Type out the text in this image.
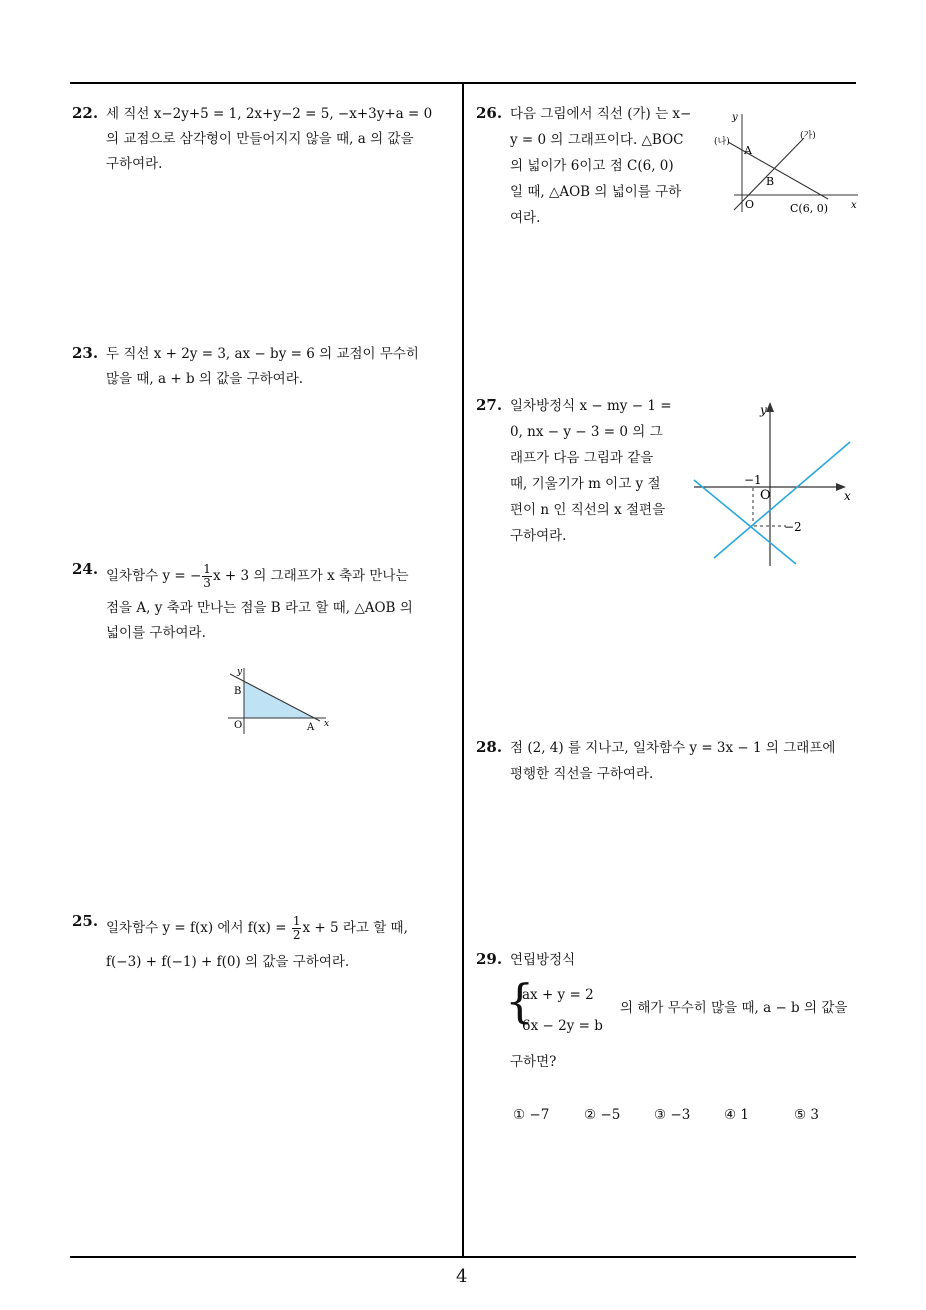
4
22. 세 직선 x−2y+5 = 1, 2x+y−2 = 5, −x+3y+a = 0
의 교점으로 삼각형이 만들어지지 않을 때, a 의 값을
구하여라.
23. 두 직선 x + 2y = 3, ax − by = 6 의 교점이 무수히
많을 때, a + b 의 값을 구하여라.
24. 일차함수 y = − $\frac{1}{3}$ x + 3 의 그래프가 x 축과 만나는
점을 A, y 축과 만나는 점을 B 라고 할 때, △AOB 의
넓이를 구하여라.
y
x
B
O	A
25. 일차함수 y = f(x) 에서 $f(x) = \frac{1}{2}$ x + 5 라고 할 때,
f(−3) + f(−1) + f(0) 의 값을 구하여라.
26. 다음 그림에서 직선 (가) 는 x−
y = 0 의 그래프이다. △BOC
의 넓이가 6이고 점 C(6, 0)
일 때, △AOB 의 넓이를 구하
여라.
y
x
(나)
(가)
A
B
O	C(6, 0)
27. 일차방정식 x − my − 1 =
0, nx − y − 3 = 0 의 그
래프가 다음 그림과 같을
때, 기울기가 m 이고 y 절
편이 n 인 직선의 x 절편을
구하여라.
y
x
O
−1
−2
28. 점 (2, 4) 를 지나고, 일차함수 y = 3x − 1 의 그래프에
평행한 직선을 구하여라.
29. 연립방정식
{
ax + y = 2
6x − 2y = b
의 해가 무수히 많을 때, a − b 의 값을
구하면?
① −7	② −5 ③ −3 ④ 1	⑤ 3
